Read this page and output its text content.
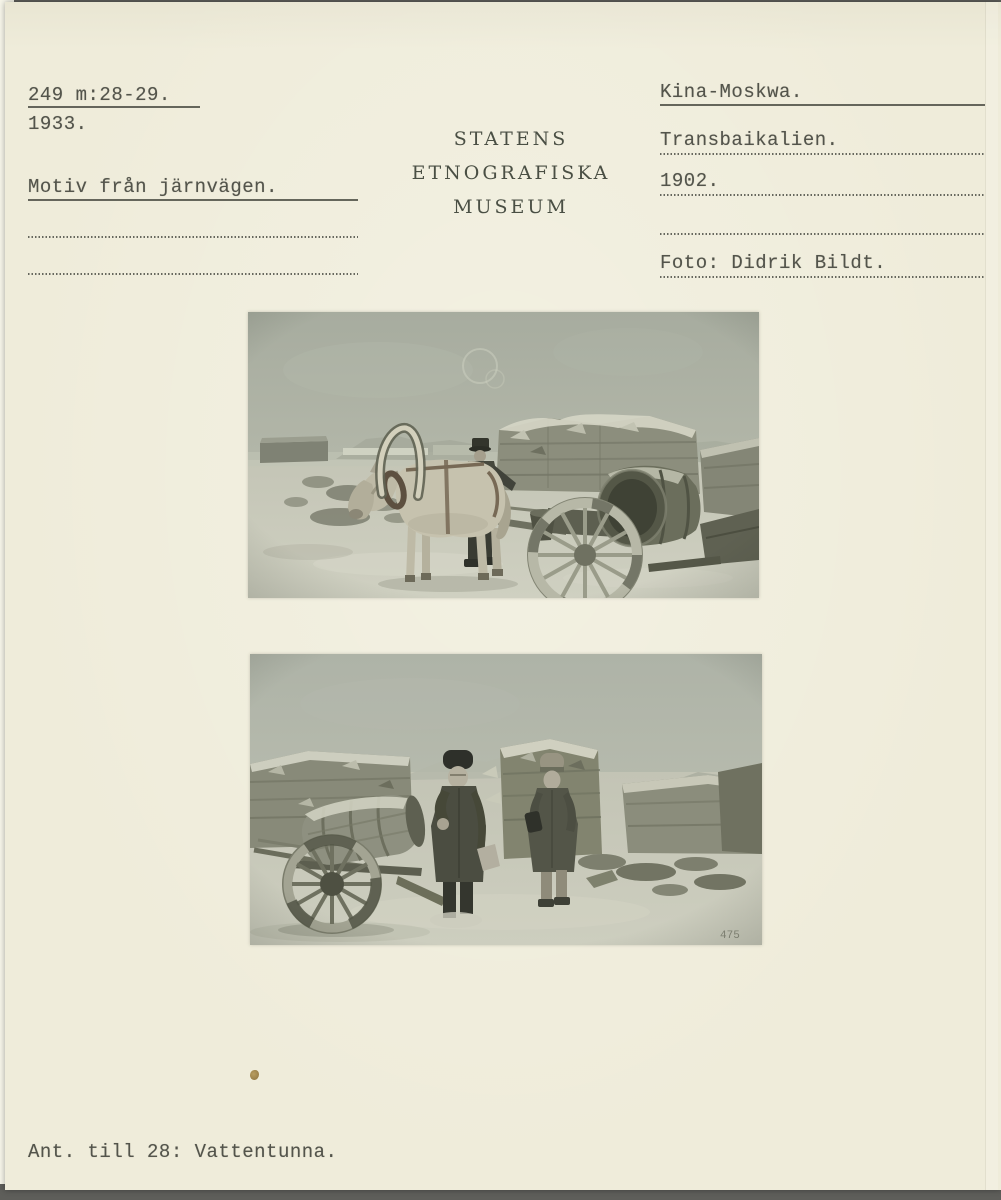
249 m:28-29.
1933.
Motiv från järnvägen.
STATENS
ETNOGRAFISKA
MUSEUM
Kina-Moskwa.
Transbaikalien.
1902.
Foto: Didrik Bildt.
Ant. till 28: Vattentunna.
